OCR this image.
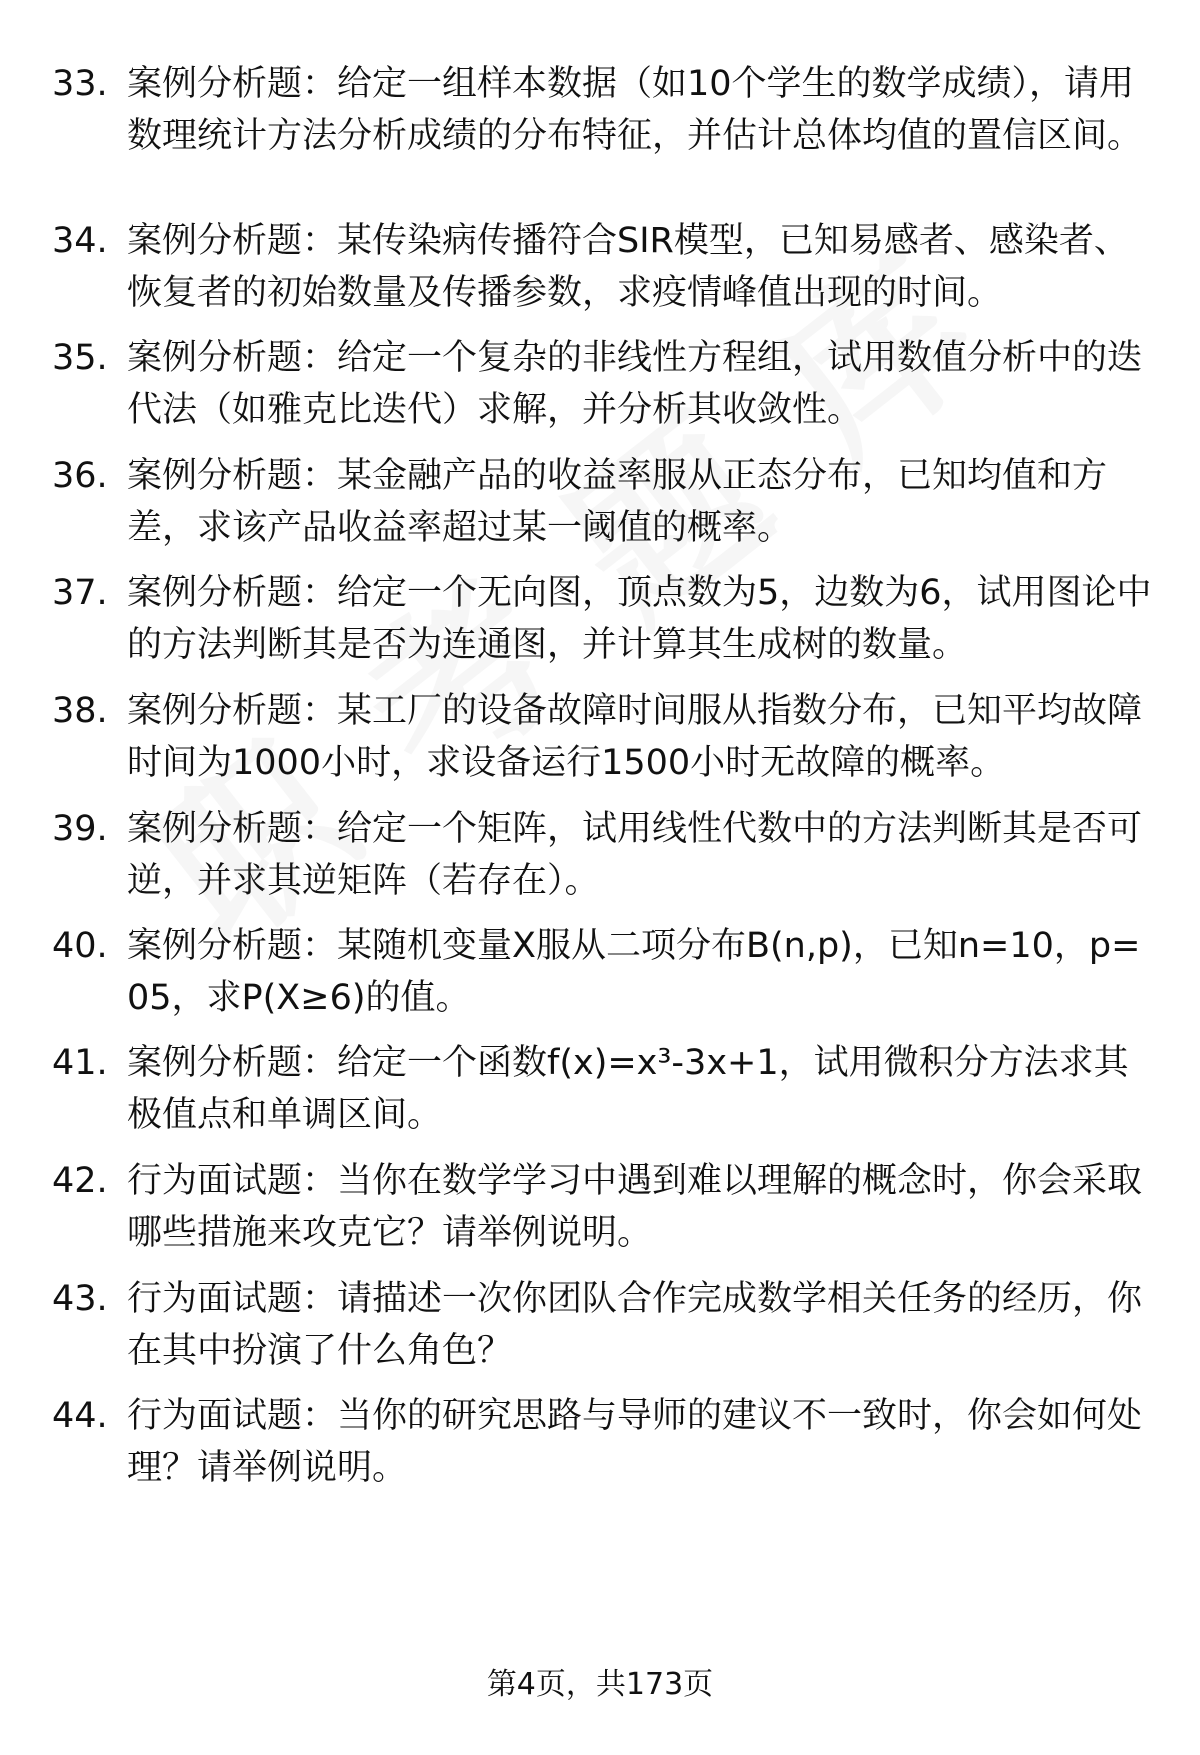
33. 案例分析题：给定一组样本数据（如10个学生的数学成绩），请用数理统计方法分析成绩的分布特征，并估计总体均值的置信区间。
34. 案例分析题：某传染病传播符合SIR模型，已知易感者、感染者、恢复者的初始数量及传播参数，求疫情峰值出现的时间。
35. 案例分析题：给定一个复杂的非线性方程组，试用数值分析中的迭代法（如雅克比迭代）求解，并分析其收敛性。
36. 案例分析题：某金融产品的收益率服从正态分布，已知均值和方差，求该产品收益率超过某一阈值的概率。
37. 案例分析题：给定一个无向图，顶点数为5，边数为6，试用图论中的方法判断其是否为连通图，并计算其生成树的数量。
38. 案例分析题：某工厂的设备故障时间服从指数分布，已知平均故障时间为1000小时，求设备运行1500小时无故障的概率。
39. 案例分析题：给定一个矩阵，试用线性代数中的方法判断其是否可逆，并求其逆矩阵（若存在）。
40. 案例分析题：某随机变量X服从二项分布B(n,p)，已知n=10，p=05，求P(X≥6)的值。
41. 案例分析题：给定一个函数f(x)=x³-3x+1，试用微积分方法求其极值点和单调区间。
42. 行为面试题：当你在数学学习中遇到难以理解的概念时，你会采取哪些措施来攻克它？请举例说明。
43. 行为面试题：请描述一次你团队合作完成数学相关任务的经历，你在其中扮演了什么角色？
44. 行为面试题：当你的研究思路与导师的建议不一致时，你会如何处理？请举例说明。
第4页，共173页
